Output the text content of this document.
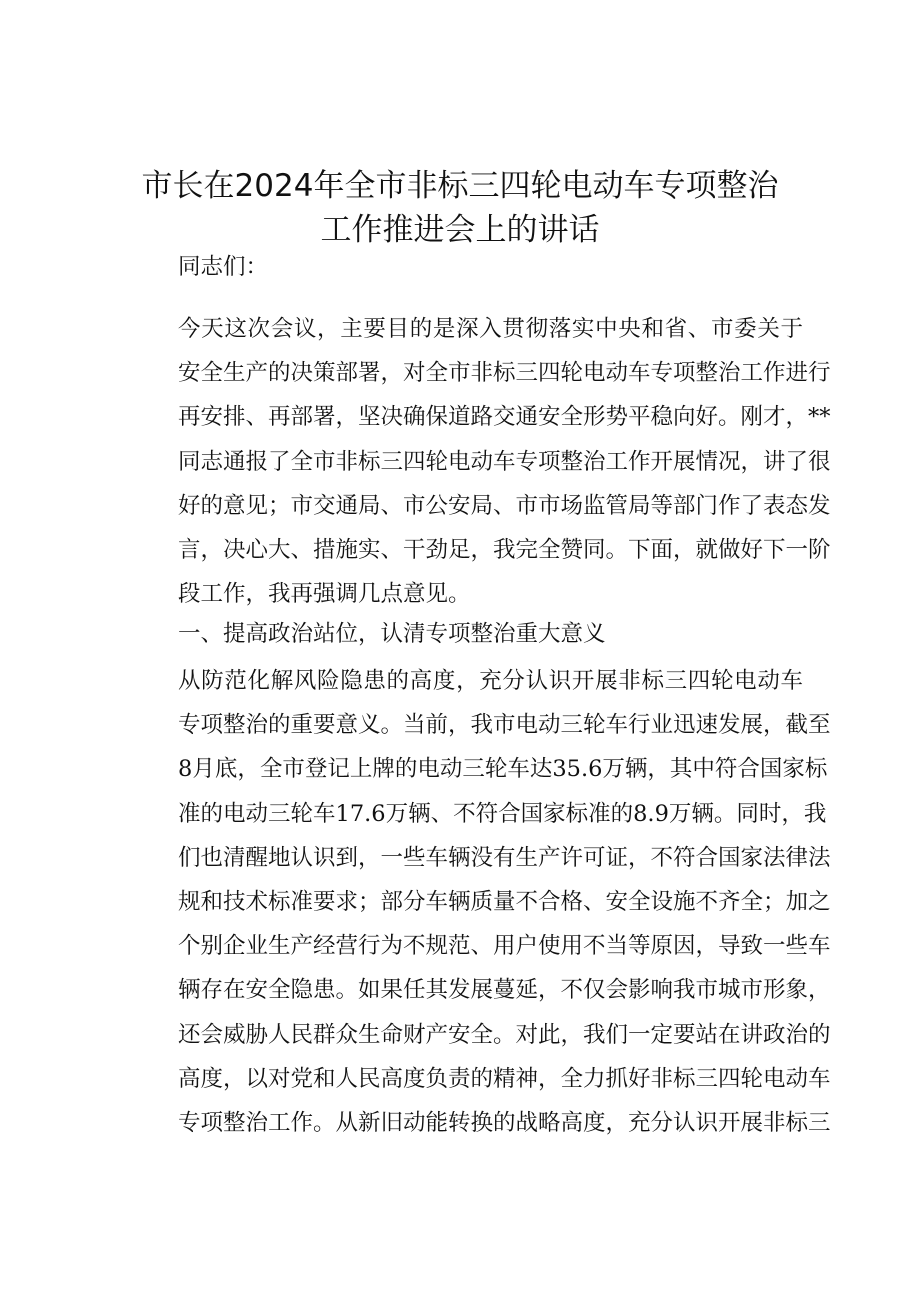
市长在2024年全市非标三四轮电动车专项整治
工作推进会上的讲话

同志们：

今天这次会议，主要目的是深入贯彻落实中央和省、市委关于
安全生产的决策部署，对全市非标三四轮电动车专项整治工作进行
再安排、再部署，坚决确保道路交通安全形势平稳向好。刚才，**
同志通报了全市非标三四轮电动车专项整治工作开展情况，讲了很
好的意见；市交通局、市公安局、市市场监管局等部门作了表态发
言，决心大、措施实、干劲足，我完全赞同。下面，就做好下一阶
段工作，我再强调几点意见。

一、提高政治站位，认清专项整治重大意义

从防范化解风险隐患的高度，充分认识开展非标三四轮电动车
专项整治的重要意义。当前，我市电动三轮车行业迅速发展，截至
8月底，全市登记上牌的电动三轮车达35.6万辆，其中符合国家标
准的电动三轮车17.6万辆、不符合国家标准的8.9万辆。同时，我
们也清醒地认识到，一些车辆没有生产许可证，不符合国家法律法
规和技术标准要求；部分车辆质量不合格、安全设施不齐全；加之
个别企业生产经营行为不规范、用户使用不当等原因，导致一些车
辆存在安全隐患。如果任其发展蔓延，不仅会影响我市城市形象，
还会威胁人民群众生命财产安全。对此，我们一定要站在讲政治的
高度，以对党和人民高度负责的精神，全力抓好非标三四轮电动车
专项整治工作。从新旧动能转换的战略高度，充分认识开展非标三
